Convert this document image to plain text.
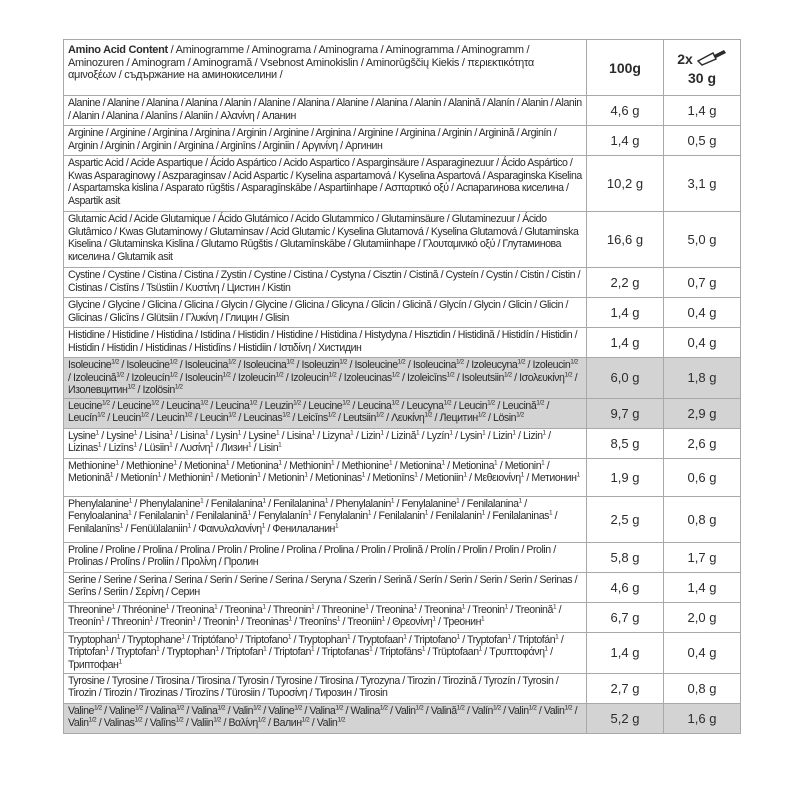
Amino Acid Content / Aminogramme / Aminograma / Aminograma / Aminogramma / Aminogramm / Aminozuren / Aminogram / Aminogramă / Vsebnost Aminokislin / Aminorūgščių Kiekis / περιεκτικότητα αμινοξέων / съдържание на аминокиселини /	100g	2x
30 g
Alanine / Alanine / Alanina / Alanina / Alanin / Alanine / Alanina / Alanine / Alanina / Alanin / Alanină / Alanín / Alanin / Alanin / Alanin / Alanina / Alanīns / Alaniin / Αλανίνη / Аланин	4,6 g	1,4 g
Arginine / Arginine / Arginina / Arginina / Arginin / Arginine / Arginina / Arginine / Arginina / Arginin / Arginină / Arginín / Arginin / Arginin / Arginin / Arginina / Arginīns / Arginiin / Αργινίνη / Аргинин	1,4 g	0,5 g
Aspartic Acid / Acide Aspartique / Ácido Aspártico / Acido Aspartico / Asparginsäure / Asparaginezuur / Ácido Aspártico / Kwas Asparaginowy / Aszparaginsav / Acid Aspartic / Kyselina aspartamová / Kyselina Aspartová / Asparaginska Kiselina / Aspartamska kislina / Asparato rūgštis / Asparagīnskābe / Aspartiinhape / Ασπαρτικό οξύ / Аспарагинова киселина / Aspartik asit	10,2 g	3,1 g
Glutamic Acid / Acide Glutamique / Ácido Glutámico / Acido Glutammico / Glutaminsäure / Glutaminezuur / Ácido Glutâmico / Kwas Glutaminowy / Glutaminsav / Acid Glutamic / Kyselina Glutamová / Kyselina Glutamová / Glutaminska Kiselina / Glutaminska Kislina / Glutamo Rūgštis / Glutamīnskābe / Glutamiinhape / Γλουταμινικό οξύ / Глутаминова киселина / Glutamik asit	16,6 g	5,0 g
Cystine / Cystine / Cistina / Cistina / Zystin / Cystine / Cistina / Cystyna / Cisztin / Cistină / Cysteín / Cystin / Cistin / Cistin / Cistinas / Cistīns / Tsüstiin / Κυστίνη / Цистин / Kistin	2,2 g	0,7 g
Glycine / Glycine / Glicina / Glicina / Glycin / Glycine / Glicina / Glicyna / Glicin / Glicină / Glycín / Glycin / Glicin / Glicin / Glicinas / Glicīns / Glütsiin / Γλυκίνη / Глицин / Glisin	1,4 g	0,4 g
Histidine / Histidine / Histidina / Istidina / Histidin / Histidine / Histidina / Histydyna / Hisztidin / Histidină / Histidín / Histidin / Histidin / Histidin / Histidinas / Histidīns / Histidiin / Ιστιδίνη / Хистидин	1,4 g	0,4 g
Isoleucine$^{1/2}$ / Isoleucine$^{1/2}$ / Isoleucina$^{1/2}$ / Isoleucina$^{1/2}$ / Isoleuzin$^{1/2}$ / Isoleucine$^{1/2}$ / Isoleucina$^{1/2}$ / Izoleucyna$^{1/2}$ / Izoleucin$^{1/2}$ / Izoleucină$^{1/2}$ / Izoleucín$^{1/2}$ / Isoleucin$^{1/2}$ / Izoleucin$^{1/2}$ / Izoleucin$^{1/2}$ / Izoleucinas$^{1/2}$ / Izoleicīns$^{1/2}$ / Isoleutsiin$^{1/2}$ / Ισολευκίνη$^{1/2}$ / Изолевцитин$^{1/2}$ / Izolösin$^{1/2}$	6,0 g	1,8 g
Leucine$^{1/2}$ / Leucine$^{1/2}$ / Leucina$^{1/2}$ / Leucina$^{1/2}$ / Leuzin$^{1/2}$ / Leucine$^{1/2}$ / Leucina$^{1/2}$ / Leucyna$^{1/2}$ / Leucin$^{1/2}$ / Leucină$^{1/2}$ / Leucín$^{1/2}$ / Leucin$^{1/2}$ / Leucin$^{1/2}$ / Leucin$^{1/2}$ / Leucinas$^{1/2}$ / Leicīns$^{1/2}$ / Leutsiin$^{1/2}$ / Λευκίνη$^{1/2}$ / Лецитин$^{1/2}$ / Lösin$^{1/2}$	9,7 g	2,9 g
Lysine$^1$ / Lysine$^1$ / Lisina$^1$ / Lisina$^1$ / Lysin$^1$ / Lysine$^1$ / Lisina$^1$ / Lizyna$^1$ / Lizin$^1$ / Lizină$^1$ / Lyzín$^1$ / Lysin$^1$ / Lizin$^1$ / Lizin$^1$ / Lizinas$^1$ / Lizīns$^1$ / Lüsiin$^1$ / Λυσίνη$^1$ / Лизин$^1$ / Lisin$^1$	8,5 g	2,6 g
Methionine$^1$ / Methionine$^1$ / Metionina$^1$ / Metionina$^1$ / Methionin$^1$ / Methionine$^1$ / Metionina$^1$ / Metionina$^1$ / Metionin$^1$ / Metionină$^1$ / Metionín$^1$ / Methionin$^1$ / Metionin$^1$ / Metionin$^1$ / Metioninas$^1$ / Metionīns$^1$ / Metioniin$^1$ / Μεθειονίνη$^1$ / Метионин$^1$	1,9 g	0,6 g
Phenylalanine$^1$ / Phenylalanine$^1$ / Fenilalanina$^1$ / Fenilalanina$^1$ / Phenylalanin$^1$ / Fenylalanine$^1$ / Fenilalanina$^1$ / Fenyloalanina$^1$ / Fenilalanin$^1$ / Fenilalanină$^1$ / Fenylalanín$^1$ / Fenylalanin$^1$ / Fenilalanin$^1$ / Fenilalanin$^1$ / Fenilalaninas$^1$ / Fenilalanīns$^1$ / Fenüülalaniin$^1$ / Φαινυλαλανίνη$^1$ / Фенилаланин$^1$	2,5 g	0,8 g
Proline / Proline / Prolina / Prolina / Prolin / Proline / Prolina / Prolina / Prolin / Prolină / Prolín / Prolin / Prolin / Prolin / Prolinas / Prolīns / Proliin / Προλίνη / Пролин	5,8 g	1,7 g
Serine / Serine / Serina / Serina / Serin / Serine / Serina / Seryna / Szerin / Serină / Serín / Serin / Serin / Serin / Serinas / Serīns / Seriin / Σερίνη / Серин	4,6 g	1,4 g
Threonine$^1$ / Thréonine$^1$ / Treonina$^1$ / Treonina$^1$ / Threonin$^1$ / Threonine$^1$ / Treonina$^1$ / Treonina$^1$ / Treonin$^1$ / Treonină$^1$ / Treonín$^1$ / Threonin$^1$ / Treonin$^1$ / Treonin$^1$ / Treoninas$^1$ / Treonīns$^1$ / Treoniin$^1$ / Θρεονίνη$^1$ / Треонин$^1$	6,7 g	2,0 g
Tryptophan$^1$ / Tryptophane$^1$ / Triptófano$^1$ / Triptofano$^1$ / Tryptophan$^1$ / Tryptofaan$^1$ / Triptofano$^1$ / Tryptofan$^1$ / Triptofán$^1$ / Triptofan$^1$ / Tryptofan$^1$ / Tryptophan$^1$ / Triptofan$^1$ / Triptofan$^1$ / Triptofanas$^1$ / Triptofāns$^1$ / Trüptofaan$^1$ / Τρυπτοφάνη$^1$ / Триптофан$^1$	1,4 g	0,4 g
Tyrosine / Tyrosine / Tirosina / Tirosina / Tyrosin / Tyrosine / Tirosina / Tyrozyna / Tirozin / Tirozină / Tyrozín / Tyrosin / Tirozin / Tirozin / Tirozinas / Tirozīns / Türosiin / Τυροσίνη / Тирозин / Tirosin	2,7 g	0,8 g
Valine$^{1/2}$ / Valine$^{1/2}$ / Valina$^{1/2}$ / Valina$^{1/2}$ / Valin$^{1/2}$ / Valine$^{1/2}$ / Valina$^{1/2}$ / Walina$^{1/2}$ / Valin$^{1/2}$ / Valină$^{1/2}$ / Valín$^{1/2}$ / Valin$^{1/2}$ / Valin$^{1/2}$ / Valin$^{1/2}$ / Valinas$^{1/2}$ / Valīns$^{1/2}$ / Valiin$^{1/2}$ / Βαλίνη$^{1/2}$ / Валин$^{1/2}$ / Valin$^{1/2}$	5,2 g	1,6 g
